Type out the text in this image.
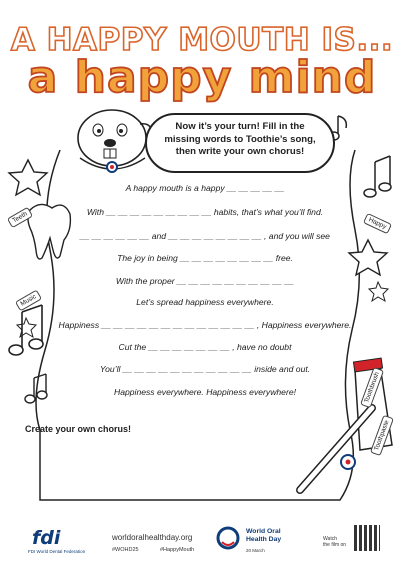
A HAPPY MOUTH IS...
a happy mind
Now it’s your turn! Fill in the
missing words to Toothie’s song,
then write your own chorus!
A happy mouth is a happy __ __ __ __ __
With __ __ __ __ __ __ __ __ __ habits, that’s what you’ll find.
__ __ __ __ __ __ and __ __ __ __ __ __ __ __ , and you will see
The joy in being __ __ __ __ __ __ __ __ free.
With the proper __ __ __ __ __ __ __ __ __ __
Let’s spread happiness everywhere.
Happiness __ __ __ __ __ __ __ __ __ __ __ __ __ , Happiness everywhere.
Cut the __ __ __ __ __ __ __ , have no doubt
You’ll __ __ __ __ __ __ __ __ __ __ __ inside and out.
Happiness everywhere. Happiness everywhere!
Teeth	Happy
Music
Toothbrush
Toothpaste
Create your own chorus!
fdi
FDI World Dental Federation
worldoralhealthday.org
#WOHD25	#HappyMouth
World Oral
Health Day
20 March
Watch
the film on
